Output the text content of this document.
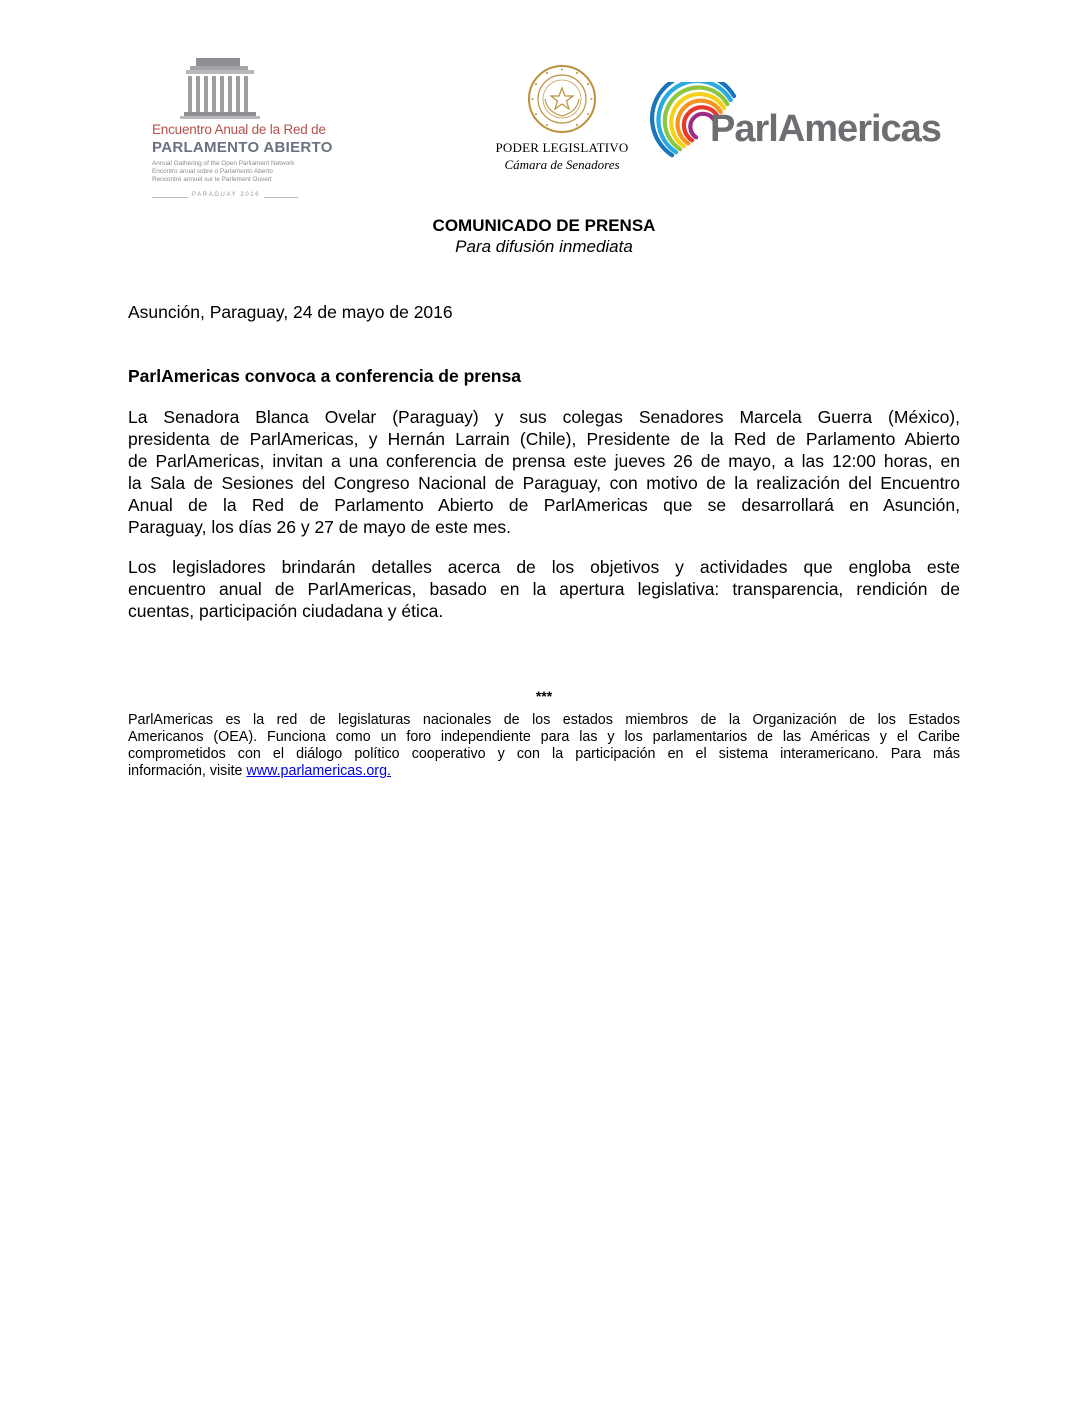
Encuentro Anual de la Red de
PARLAMENTO ABIERTO
Annual Gathering of the Open Parliament Network
Encontro anual sobre o Parlamento Aberto
Rencontre annuel sur le Parlement Ouvert
PARAGUAY 2016
PODER LEGISLATIVO
Cámara de Senadores
ParlAmericas
COMUNICADO DE PRENSA
Para difusión inmediata
Asunción, Paraguay, 24 de mayo de 2016
ParlAmericas convoca a conferencia de prensa
La Senadora Blanca Ovelar (Paraguay) y sus colegas Senadores Marcela Guerra (México),
presidenta de ParlAmericas, y Hernán Larrain (Chile), Presidente de la Red de Parlamento Abierto
de ParlAmericas, invitan a una conferencia de prensa este jueves 26 de mayo, a las 12:00 horas, en
la Sala de Sesiones del Congreso Nacional de Paraguay, con motivo de la realización del Encuentro
Anual de la Red de Parlamento Abierto de ParlAmericas que se desarrollará en Asunción,
Paraguay, los días 26 y 27 de mayo de este mes.
Los legisladores brindarán detalles acerca de los objetivos y actividades que engloba este
encuentro anual de ParlAmericas, basado en la apertura legislativa: transparencia, rendición de
cuentas, participación ciudadana y ética.
***
ParlAmericas es la red de legislaturas nacionales de los estados miembros de la Organización de los Estados
Americanos (OEA). Funciona como un foro independiente para las y los parlamentarios de las Américas y el Caribe
comprometidos con el diálogo político cooperativo y con la participación en el sistema interamericano. Para más
información, visite www.parlamericas.org.
